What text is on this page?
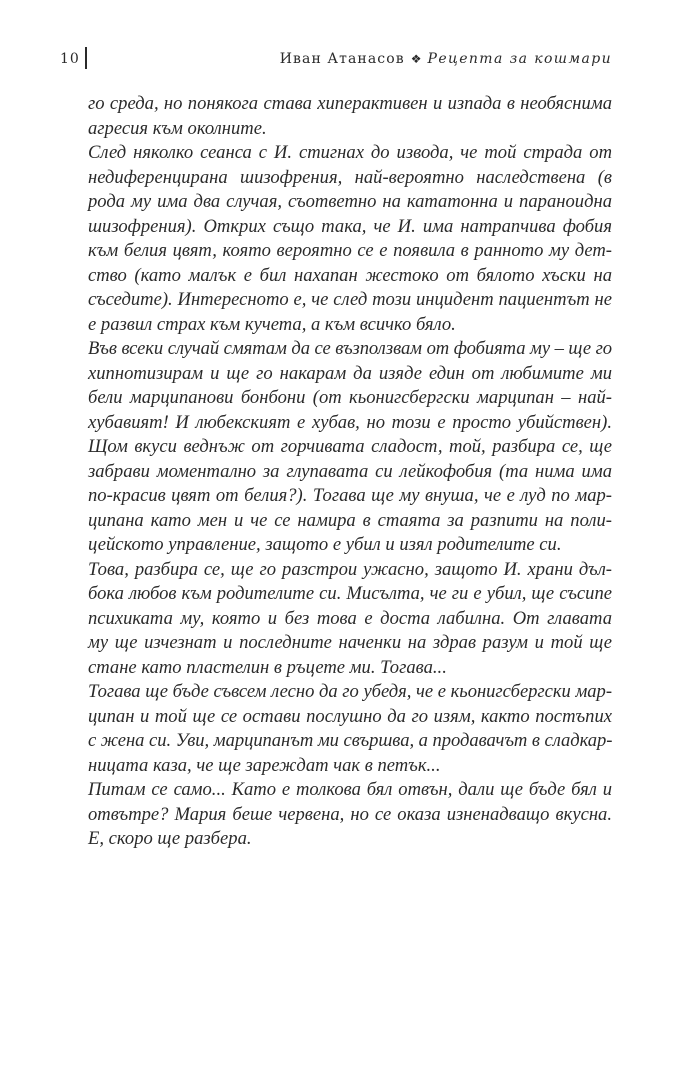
10	Иван Атанасов ❖ Рецепта за кошмари

го среда, но понякога става хиперактивен и изпада в необяснима
агресия към околните.

След няколко сеанса с И. стигнах до извода, че той страда от
недиференцирана шизофрения, най-вероятно наследствена (в
рода му има два случая, съответно на кататонна и параноидна
шизофрения). Открих също така, че И. има натрапчива фобия
към белия цвят, която вероятно се е появила в ранното му дет-
ство (като малък е бил нахапан жестоко от бялото хъски на
съседите). Интересното е, че след този инцидент пациентът не
е развил страх към кучета, а към всичко бяло.

Във всеки случай смятам да се възползвам от фобията му – ще го
хипнотизирам и ще го накарам да изяде един от любимите ми
бели марципанови бонбони (от кьонигсбергски марципан – най-
хубавият! И любекският е хубав, но този е просто убийствен).
Щом вкуси веднъж от горчивата сладост, той, разбира се, ще
забрави моментално за глупавата си лейкофобия (та нима има
по-красив цвят от белия?). Тогава ще му внуша, че е луд по мар-
ципана като мен и че се намира в стаята за разпити на поли-
цейското управление, защото е убил и изял родителите си.

Това, разбира се, ще го разстрои ужасно, защото И. храни дъл-
бока любов към родителите си. Мисълта, че ги е убил, ще съсипе
психиката му, която и без това е доста лабилна. От главата
му ще изчезнат и последните наченки на здрав разум и той ще
стане като пластелин в ръцете ми. Тогава...

Тогава ще бъде съвсем лесно да го убедя, че е кьонигсбергски мар-
ципан и той ще се остави послушно да го изям, както постъпих
с жена си. Уви, марципанът ми свършва, а продавачът в сладкар-
ницата каза, че ще зареждат чак в петък...

Питам се само... Като е толкова бял отвън, дали ще бъде бял и
отвътре? Мария беше червена, но се оказа изненадващо вкусна.
Е, скоро ще разбера.
